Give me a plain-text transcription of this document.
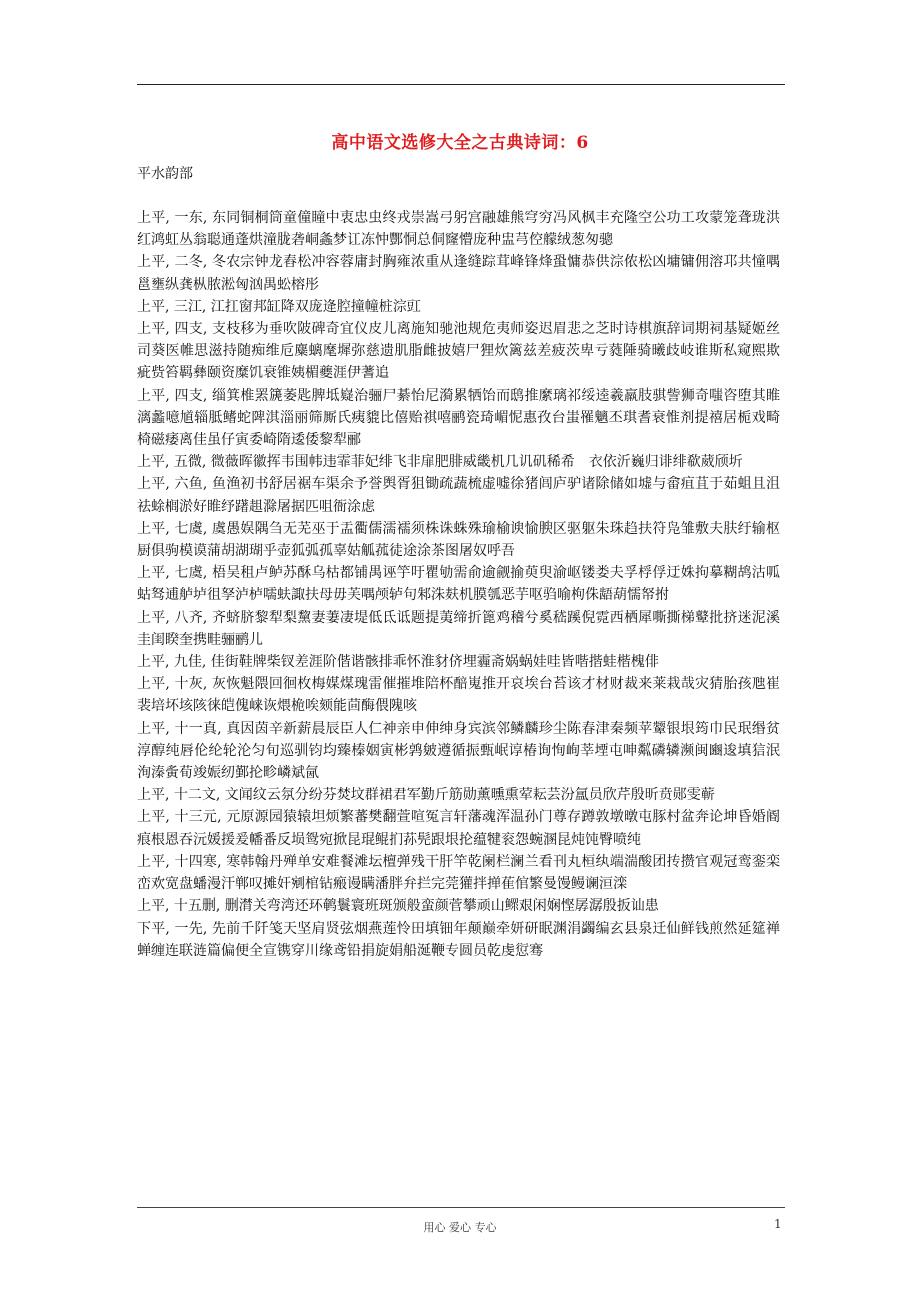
高中语文选修大全之古典诗词：6
平水韵部

上平, 一东, 东同铜桐筒童僮瞳中衷忠虫终戎崇嵩弓躬宫融雄熊穹穷冯风枫丰充隆空公功工攻蒙笼聋珑洪红鸿虹丛翁聪通蓬烘潼胧砻峒螽梦讧冻忡酆恫总侗窿懵庞种盅芎倥艨绒葱匆骢

上平, 二冬, 冬农宗钟龙舂松冲容蓉庸封胸雍浓重从逢缝踪茸峰锋烽蛩慵恭供淙侬松凶墉镛佣溶邛共憧喁邕壅纵龚枞脓淞匈汹禺蚣榕彤

上平, 三江, 江扛窗邦缸降双庞逄腔撞幢桩淙豇

上平, 四支, 支枝移为垂吹陂碑奇宜仪皮儿离施知驰池规危夷师姿迟眉悲之芝时诗棋旗辞词期祠基疑姬丝司葵医帷思滋持随痴维卮麋螭麾墀弥慈遗肌脂雌披嬉尸狸炊篱兹差疲茨卑亏蕤陲骑曦歧岐谁斯私窥熙欺疵赀笞羁彝颐资糜饥衰锥姨楣夔涯伊蓍追

上平, 四支, 缁箕椎罴篪萎匙脾坻嶷治骊尸綦怡尼漪累牺饴而鸱推縻璃祁绥逵羲羸肢骐訾狮奇嗤咨堕其睢漓蠡噫馗辎胝鳍蛇陴淇淄丽筛厮氏痍貔比僖贻祺嘻鹂瓷琦嵋怩惠孜台蚩罹魑丕琪耆衰惟剂提禧居栀戏畸椅磁痿离佳虽仔寅委崎隋逶倭黎犁郦

上平, 五微, 微薇晖徽挥韦围帏违霏菲妃绯飞非扉肥腓威畿机几讥矶稀希　衣依沂巍归诽绯欷葳颀圻

上平, 六鱼, 鱼渔初书舒居裾车渠余予誉舆胥狙锄疏蔬梳虚嘘徐猪闾庐驴诸除储如墟与畲疽苴于茹蛆且沮祛蜍榈淤好睢纾躇趄滁屠据匹咀衙涂虑

上平, 七虞, 虞愚娱隅刍无芜巫于盂衢儒濡襦须株诛蛛殊瑜榆谀愉腴区驱躯朱珠趋扶符凫雏敷夫肤纡输枢厨俱驹模谟蒲胡湖瑚乎壶狐弧孤辜姑觚菰徒途涂茶图屠奴呼吾

上平, 七虞, 梧吴租卢鲈苏酥乌枯都铺禺诬竽吁瞿劬需俞逾觎揄萸臾渝岖镂娄夫孚桴俘迂姝拘摹糊鸪沽呱蛄驽逋舻垆徂孥泸栌嚅蚨諏扶母毋芙喁颅轳句邾洙麸机膜瓠恶芋呕驺喻枸侏龉葫懦帑拊

上平, 八齐, 齐蛴脐黎犁梨黧妻萋凄堤低氐诋题提荑缔折篦鸡稽兮奚嵇蹊倪霓西栖犀嘶撕梯鼙批挤迷泥溪圭闺睽奎携畦骊鹂儿

上平, 九佳, 佳街鞋牌柴钗差涯阶偕谐骸排乖怀淮豺侪埋霾斋娲蜗娃哇皆喈揩蛙楷槐俳

上平, 十灰, 灰恢魁隈回徊枚梅媒煤瑰雷催摧堆陪杯醅嵬推开哀埃台苔该才材财裁来莱栽哉灾猜胎孩虺崔裴培坏垓陔徕皑傀崃诙煨桅唉颏能茴酶偎隗咳

上平, 十一真, 真因茵辛新薪晨辰臣人仁神亲申伸绅身宾滨邻鳞麟珍尘陈春津秦频苹颦银垠筠巾民珉缗贫淳醇纯唇伦纶轮沦匀旬巡驯钧均臻榛姻寅彬鹑皴遵循振甄岷谆椿询恂峋莘堙屯呻粼磷辚濒闽豳逡填狺泯洵溱夤荀竣娠纫鄞抡畛嶙斌氤

上平, 十二文, 文闻纹云氛分纷芬焚坟群裙君军勤斤筋勋薰曛熏荤耘芸汾氲员欣芹殷昕贲郧雯蕲

上平, 十三元, 元原源园猿辕坦烦繁蕃樊翻萱喧冤言轩藩魂浑温孙门尊存蹲敦墩暾屯豚村盆奔论坤昏婚阍痕根恩吞沅媛援爰幡番反埙鸳宛掀昆琨鲲扪荪髡跟垠抡蕴犍衮怨蜿溷昆炖饨臀喷纯

上平, 十四寒, 寒韩翰丹殚单安难餐滩坛檀弹残干肝竿乾阑栏澜兰看刊丸桓纨端湍酸团抟攒官观冠鸾銮栾峦欢宽盘蟠漫汗郸叹摊奸剜棺钻瘢谩瞒潘胖弁拦完莞獾拌掸萑倌繁曼馒鳗谰洹滦

上平, 十五删, 删潸关弯湾还环鹌鬟寰班斑颁般蛮颜菅攀顽山鳏艰闲娴悭孱潺殷扳讪患

下平, 一先, 先前千阡笺天坚肩贤弦烟燕莲怜田填钿年颠巅牵妍研眠渊涓蠲编玄县泉迁仙鲜钱煎然延筵禅蝉缠连联涟篇偏便全宣镌穿川缘鸢铅捐旋娟船涎鞭专圆员乾虔愆骞

用心 爱心 专心	1
